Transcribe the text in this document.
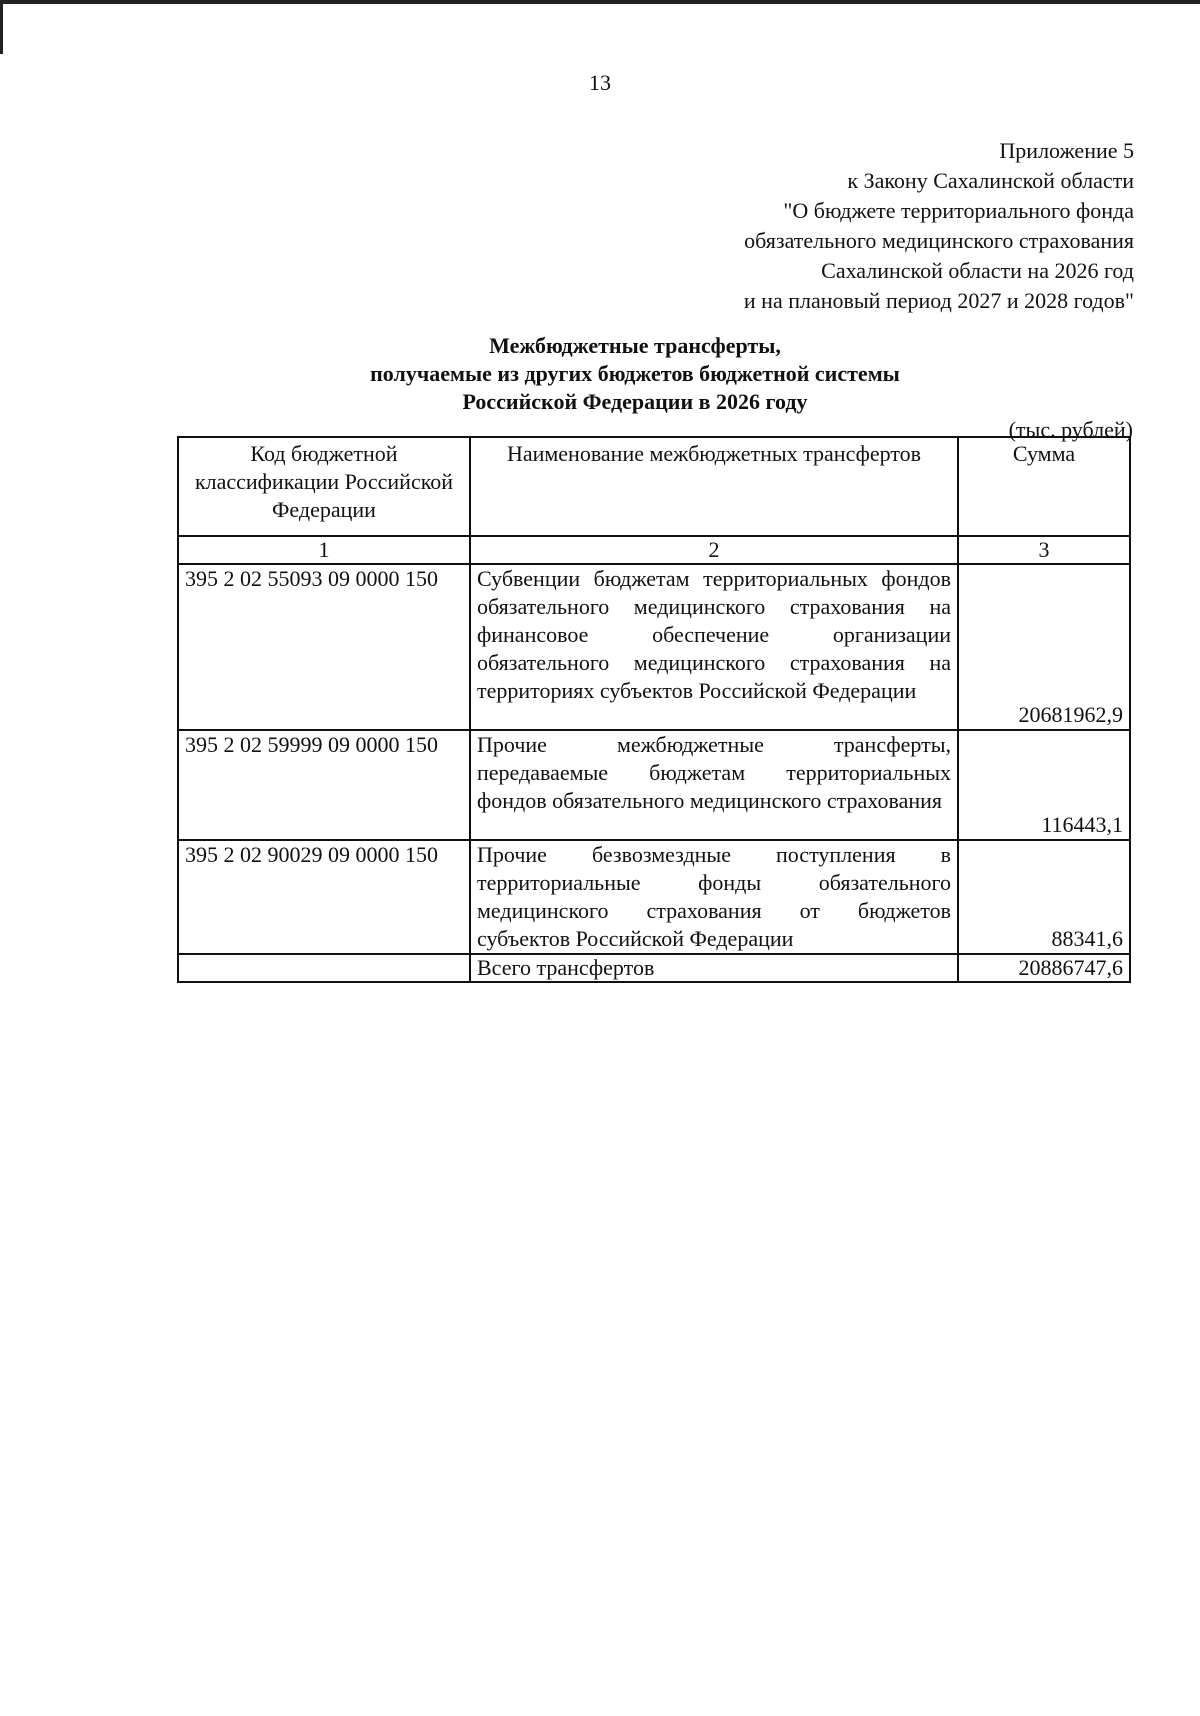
13
Приложение 5
к Закону Сахалинской области
"О бюджете территориального фонда
обязательного медицинского страхования
Сахалинской области на 2026 год
и на плановый период 2027 и 2028 годов"
Межбюджетные трансферты,
получаемые из других бюджетов бюджетной системы
Российской Федерации в 2026 году
(тыс. рублей)
Код бюджетной классификации Российской Федерации	Наименование межбюджетных трансфертов	Сумма
1	2	3
395 2 02 55093 09 0000 150	Субвенции бюджетам территориальных фондов обязательного медицинского страхования на финансовое обеспечение организации обязательного медицинского страхования на территориях субъектов Российской Федерации	20681962,9
395 2 02 59999 09 0000 150	Прочие межбюджетные трансферты, передаваемые бюджетам территориальных фондов обязательного медицинского страхования	116443,1
395 2 02 90029 09 0000 150	Прочие безвозмездные поступления в территориальные фонды обязательного медицинского страхования от бюджетов субъектов Российской Федерации	88341,6
	Всего трансфертов	20886747,6
